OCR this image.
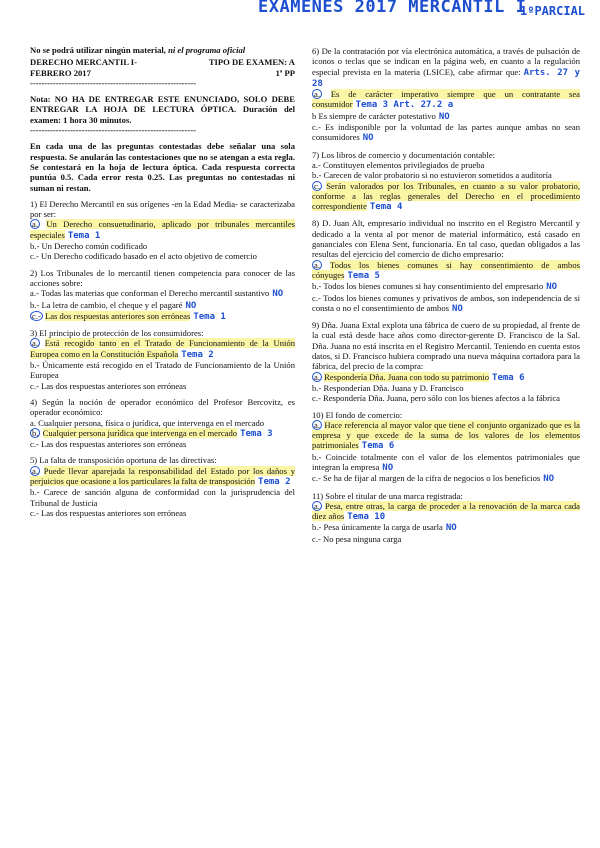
EXAMENES 2017 MERCANTIL I
1ºPARCIAL

No se podrá utilizar ningún material, ni el programa oficial

DERECHO MERCANTIL I-	TIPO DE EXAMEN: A
FEBRERO 2017	1ª PP

----------------------------------------------------------

Nota: NO HA DE ENTREGAR ESTE ENUNCIADO, SOLO DEBE ENTREGAR LA HOJA DE LECTURA ÓPTICA. Duración del examen: 1 hora 30 minutos.

----------------------------------------------------------

En cada una de las preguntas contestadas debe señalar una sola respuesta. Se anularán las contestaciones que no se atengan a esta regla. Se contestará en la hoja de lectura óptica. Cada respuesta correcta puntúa 0.5. Cada error resta 0.25. Las preguntas no contestadas ni suman ni restan.

1) El Derecho Mercantil en sus orígenes -en la Edad Media- se caracterizaba por ser:

a. Un Derecho consuetudinario, aplicado por tribunales mercantiles especiales Tema 1

b.- Un Derecho común codificado

c.- Un Derecho codificado basado en el acto objetivo de comercio

2) Los Tribunales de lo mercantil tienen competencia para conocer de las acciones sobre:

a.- Todas las materias que conforman el Derecho mercantil sustantivo NO

b.- La letra de cambio, el cheque y el pagaré NO

c.- Las dos respuestas anteriores son erróneas Tema 1

3) El principio de protección de los consumidores:

a. Está recogido tanto en el Tratado de Funcionamiento de la Unión Europea como en la Constitución Española Tema 2

b.- Únicamente está recogido en el Tratado de Funcionamiento de la Unión Europea

c.- Las dos respuestas anteriores son erróneas

4) Según la noción de operador económico del Profesor Bercovitz, es operador económico:

a. Cualquier persona, física o jurídica, que intervenga en el mercado

b. Cualquier persona jurídica que intervenga en el mercado Tema 3

c.- Las dos respuestas anteriores son erróneas

5) La falta de transposición oportuna de las directivas:

a. Puede llevar aparejada la responsabilidad del Estado por los daños y perjuicios que ocasione a los particulares la falta de transposición Tema 2

b.- Carece de sanción alguna de conformidad con la jurisprudencia del Tribunal de Justicia

c.- Las dos respuestas anteriores son erróneas

6) De la contratación por vía electrónica automática, a través de pulsación de iconos o teclas que se indican en la página web, en cuanto a la regulación especial prevista en la materia (LSICE), cabe afirmar que: Arts. 27 y 28

a. Es de carácter imperativo siempre que un contratante sea consumidor Tema 3 Art. 27.2 a

b Es siempre de carácter potestativo NO

c.- Es indisponible por la voluntad de las partes aunque ambas no sean consumidores NO

7) Los libros de comercio y documentación contable:

a.- Constituyen elementos privilegiados de prueba

b.- Carecen de valor probatorio si no estuvieron sometidos a auditoría

c. Serán valorados por los Tribunales, en cuanto a su valor probatorio, conforme a las reglas generales del Derecho en el procedimiento correspondiente Tema 4

8) D. Juan Alt, empresario individual no inscrito en el Registro Mercantil y dedicado a la venta al por menor de material informático, está casado en gananciales con Elena Sent, funcionaria. En tal caso, quedan obligados a las resultas del ejercicio del comercio de dicho empresario:

a. Todos los bienes comunes si hay consentimiento de ambos cónyuges Tema 5

b.- Todos los bienes comunes si hay consentimiento del empresario NO

c.- Todos los bienes comunes y privativos de ambos, son independencia de si consta o no el consentimiento de ambos NO

9) Dña. Juana Extal explota una fábrica de cuero de su propiedad, al frente de la cual está desde hace años como director-gerente D. Francisco de la Sal. Dña. Juana no está inscrita en el Registro Mercantil. Teniendo en cuenta estos datos, si D. Francisco hubiera comprado una nueva máquina cortadora para la fábrica, del precio de la compra:

a. Respondería Dña. Juana con todo su patrimonio Tema 6

b.- Responderían Dña. Juana y D. Francisco

c.- Respondería Dña. Juana, pero sólo con los bienes afectos a la fábrica

10) El fondo de comercio:

a. Hace referencia al mayor valor que tiene el conjunto organizado que es la empresa y que excede de la suma de los valores de los elementos patrimoniales Tema 6

b.- Coincide totalmente con el valor de los elementos patrimoniales que integran la empresa NO

c.- Se ha de fijar al margen de la cifra de negocios o los beneficios NO

11) Sobre el titular de una marca registrada:

a. Pesa, entre otras, la carga de proceder a la renovación de la marca cada diez años Tema 10

b.- Pesa únicamente la carga de usarla NO

c.- No pesa ninguna carga
